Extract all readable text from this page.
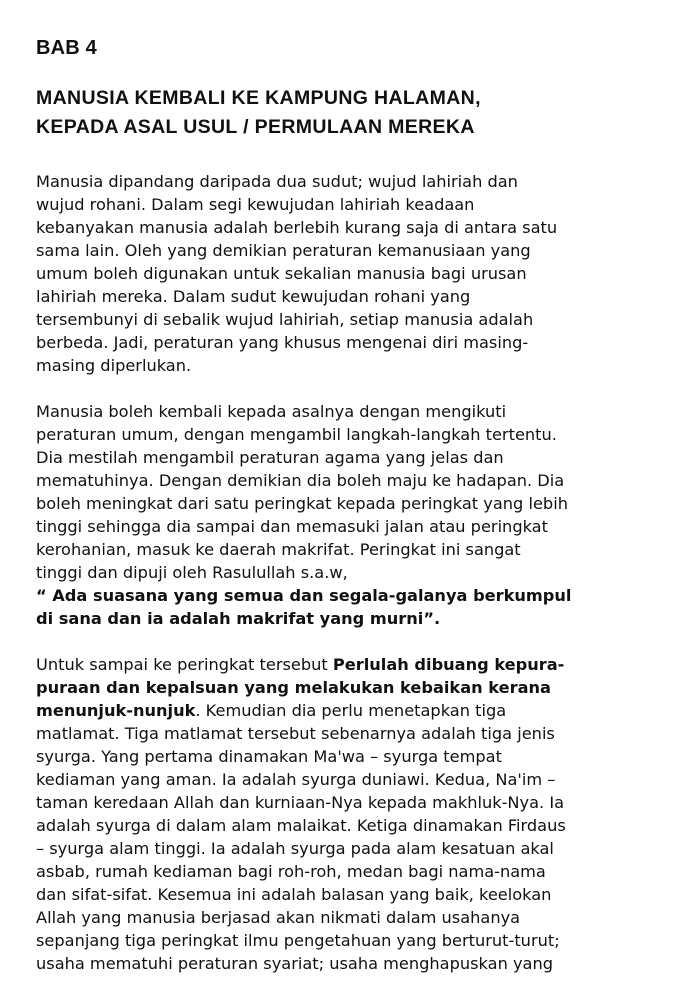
BAB 4
MANUSIA KEMBALI KE KAMPUNG HALAMAN,
KEPADA ASAL USUL / PERMULAAN MEREKA
Manusia dipandang daripada dua sudut; wujud lahiriah dan
wujud rohani. Dalam segi kewujudan lahiriah keadaan
kebanyakan manusia adalah berlebih kurang saja di antara satu
sama lain. Oleh yang demikian peraturan kemanusiaan yang
umum boleh digunakan untuk sekalian manusia bagi urusan
lahiriah mereka. Dalam sudut kewujudan rohani yang
tersembunyi di sebalik wujud lahiriah, setiap manusia adalah
berbeda. Jadi, peraturan yang khusus mengenai diri masing-
masing diperlukan.
Manusia boleh kembali kepada asalnya dengan mengikuti
peraturan umum, dengan mengambil langkah-langkah tertentu.
Dia mestilah mengambil peraturan agama yang jelas dan
mematuhinya. Dengan demikian dia boleh maju ke hadapan. Dia
boleh meningkat dari satu peringkat kepada peringkat yang lebih
tinggi sehingga dia sampai dan memasuki jalan atau peringkat
kerohanian, masuk ke daerah makrifat. Peringkat ini sangat
tinggi dan dipuji oleh Rasulullah s.a.w,
“ Ada suasana yang semua dan segala-galanya berkumpul
di sana dan ia adalah makrifat yang murni”.
Untuk sampai ke peringkat tersebut Perlulah dibuang kepura-
puraan dan kepalsuan yang melakukan kebaikan kerana
menunjuk-nunjuk. Kemudian dia perlu menetapkan tiga
matlamat. Tiga matlamat tersebut sebenarnya adalah tiga jenis
syurga. Yang pertama dinamakan Ma'wa – syurga tempat
kediaman yang aman. Ia adalah syurga duniawi. Kedua, Na'im –
taman keredaan Allah dan kurniaan-Nya kepada makhluk-Nya. Ia
adalah syurga di dalam alam malaikat. Ketiga dinamakan Firdaus
– syurga alam tinggi. Ia adalah syurga pada alam kesatuan akal
asbab, rumah kediaman bagi roh-roh, medan bagi nama-nama
dan sifat-sifat. Kesemua ini adalah balasan yang baik, keelokan
Allah yang manusia berjasad akan nikmati dalam usahanya
sepanjang tiga peringkat ilmu pengetahuan yang berturut-turut;
usaha mematuhi peraturan syariat; usaha menghapuskan yang
